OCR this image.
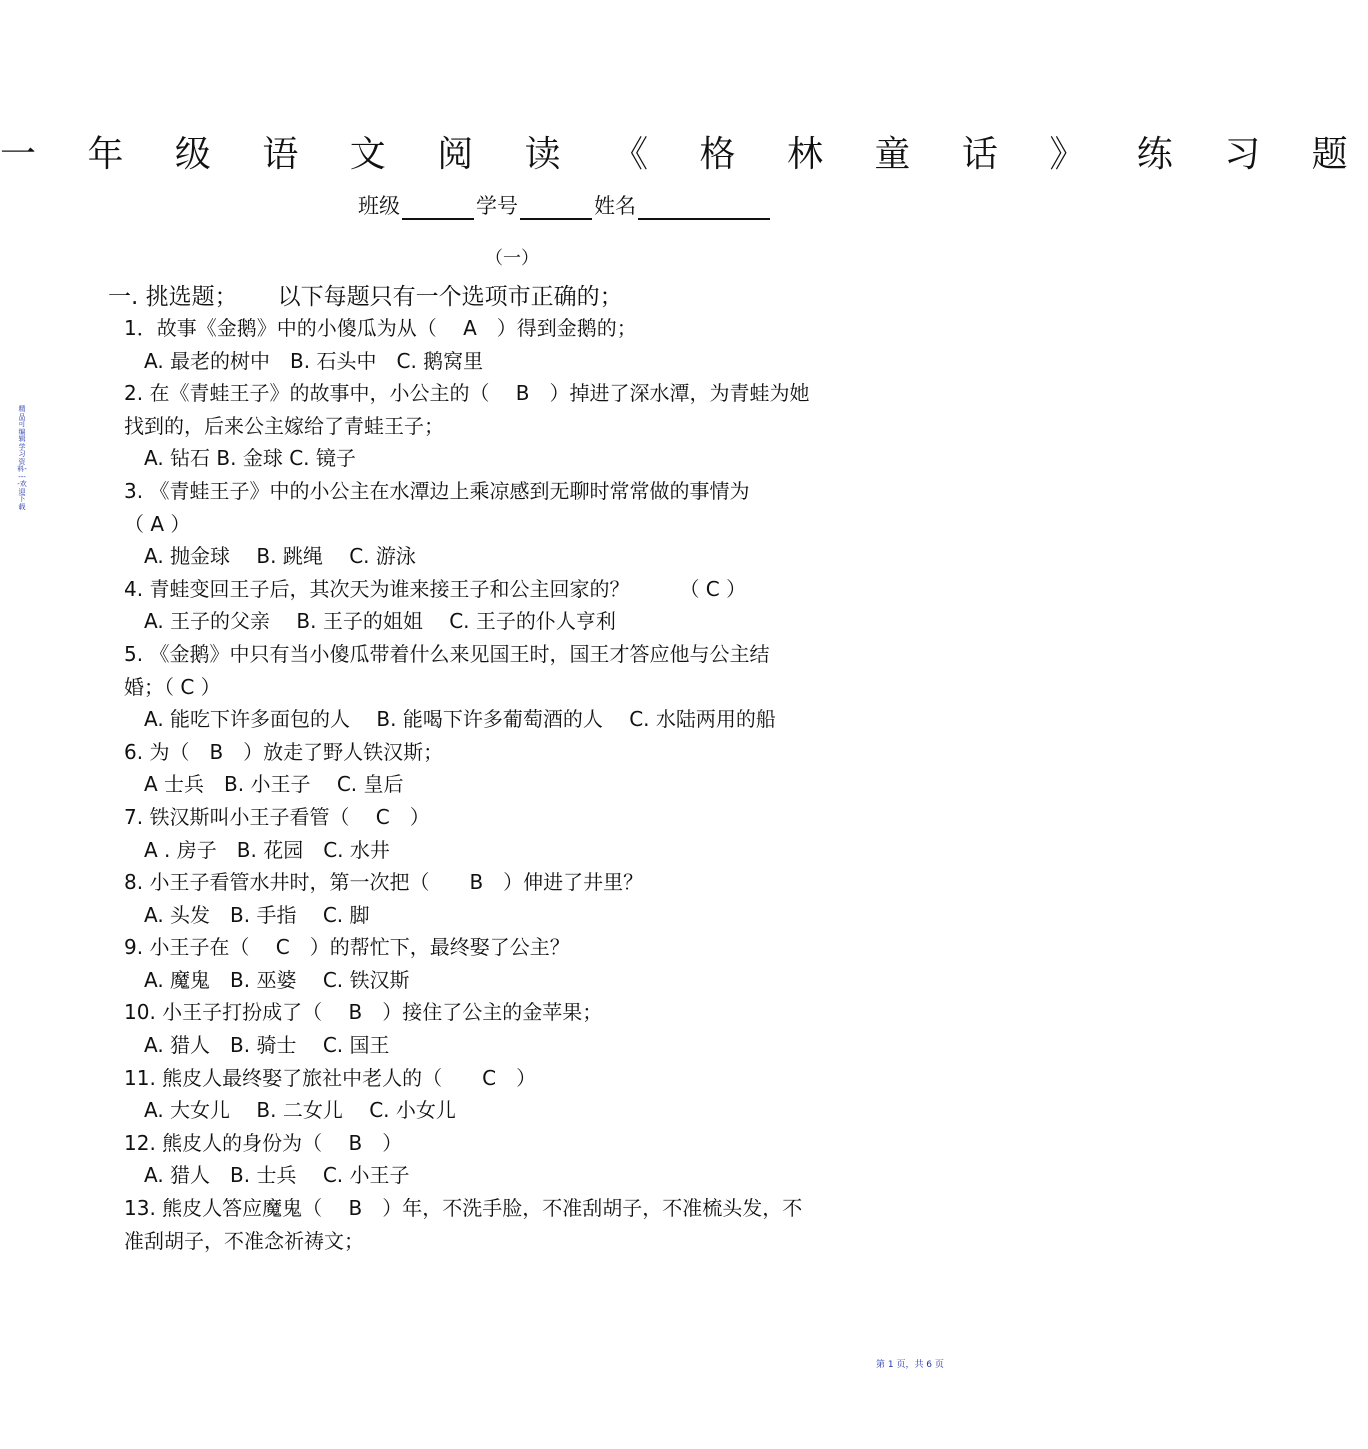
一 年 级 语 文 阅 读 《 格 林 童 话 》 练 习 题
班级	学号	姓名
（一）
一. 挑选题； 以下每题只有一个选项市正确的；
1．故事《金鹅》中的小傻瓜为从（　 A　）得到金鹅的；
A. 最老的树中　B. 石头中　C. 鹅窝里
2. 在《青蛙王子》的故事中，小公主的（　 B　）掉进了深水潭，为青蛙为她
找到的，后来公主嫁给了青蛙王子；
A. 钻石 B. 金球 C. 镜子
3. 《青蛙王子》中的小公主在水潭边上乘凉感到无聊时常常做的事情为
（ A ）
A. 抛金球　 B. 跳绳　 C. 游泳
4. 青蛙变回王子后，其次天为谁来接王子和公主回家的？　　　（ C ）
A. 王子的父亲　 B. 王子的姐姐　 C. 王子的仆人亨利
5. 《金鹅》中只有当小傻瓜带着什么来见国王时，国王才答应他与公主结
婚；（ C ）
A. 能吃下许多面包的人　 B. 能喝下许多葡萄酒的人　 C. 水陆两用的船
6. 为（　B　）放走了野人铁汉斯；
A 士兵　B. 小王子　 C. 皇后
7. 铁汉斯叫小王子看管（　 C　）
A . 房子　B. 花园　C. 水井
8. 小王子看管水井时，第一次把（　　B　）伸进了井里？
A. 头发　B. 手指　 C. 脚
9. 小王子在（　 C　）的帮忙下，最终娶了公主？
A. 魔鬼　B. 巫婆　 C. 铁汉斯
10. 小王子打扮成了（　 B　）接住了公主的金苹果；
A. 猎人　B. 骑士　 C. 国王
11. 熊皮人最终娶了旅社中老人的（　　C　）
A. 大女儿　 B. 二女儿　 C. 小女儿
12. 熊皮人的身份为（　 B　）
A. 猎人　B. 士兵　 C. 小王子
13. 熊皮人答应魔鬼（　 B　）年，不洗手脸，不准刮胡子，不准梳头发，不
准刮胡子，不准念祈祷文；
精品可编辑学习资料-----欢迎下载
第 1 页，共 6 页
